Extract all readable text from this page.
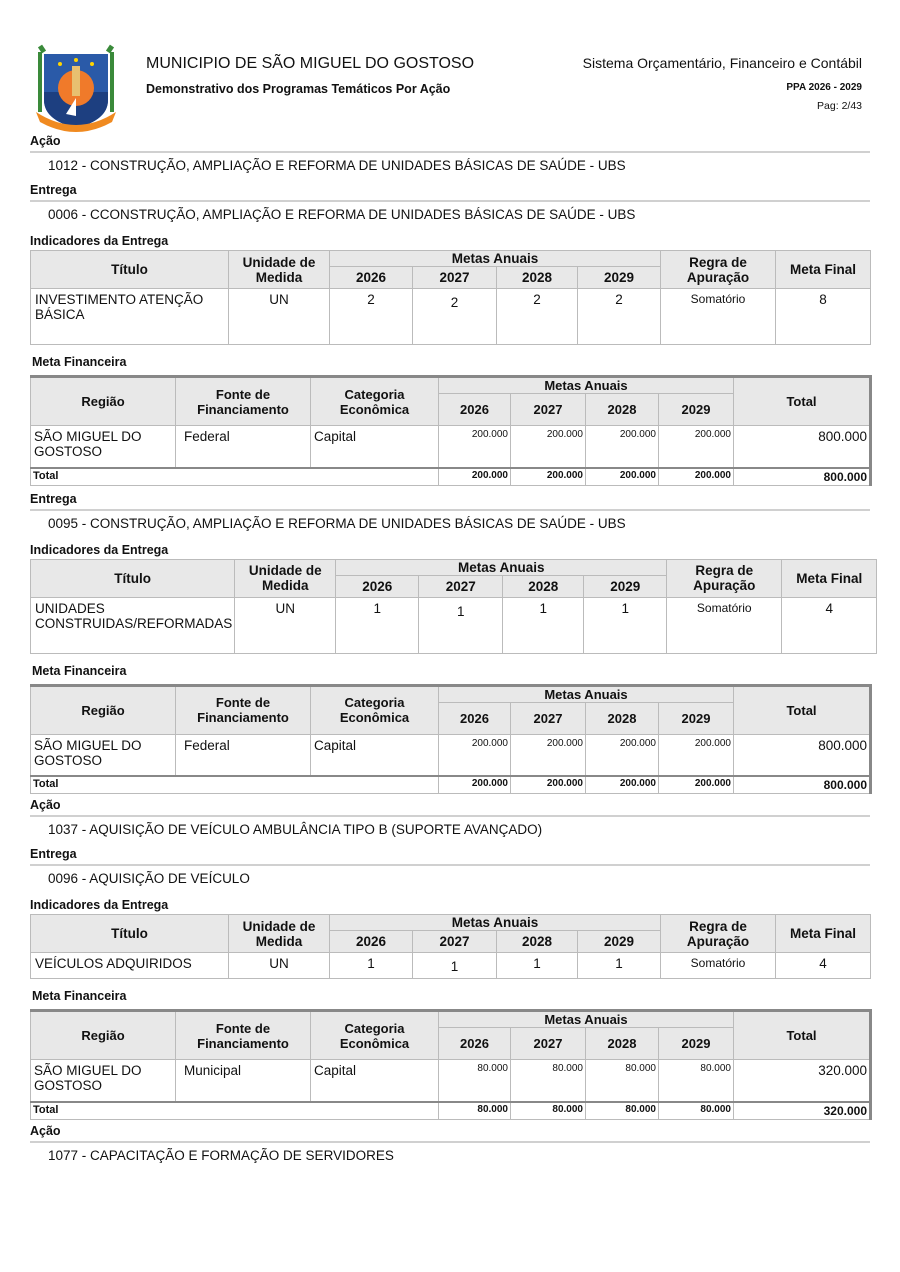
MUNICIPIO DE SÃO MIGUEL DO GOSTOSO
Demonstrativo dos Programas Temáticos Por Ação
Sistema Orçamentário, Financeiro e Contábil
PPA 2026 - 2029
Pag: 2/43
Ação
1012 - CONSTRUÇÃO, AMPLIAÇÃO E REFORMA DE UNIDADES BÁSICAS DE SAÚDE - UBS
Entrega
0006 - CCONSTRUÇÃO, AMPLIAÇÃO E REFORMA DE UNIDADES BÁSICAS DE SAÚDE - UBS
Indicadores da Entrega
Título	Unidade de Medida	Metas Anuais				Regra de Apuração	Meta Final
		2026	2027	2028	2029		
INVESTIMENTO ATENÇÃO BÁSICA	UN	2	2	2	2	Somatório	8
Meta Financeira
Região	Fonte de Financiamento	Categoria Econômica	Metas Anuais				Total
			2026	2027	2028	2029	
SÃO MIGUEL DO GOSTOSO	Federal	Capital	200.000	200.000	200.000	200.000	800.000
Total			200.000	200.000	200.000	200.000	800.000
Entrega
0095 - CONSTRUÇÃO, AMPLIAÇÃO E REFORMA DE UNIDADES BÁSICAS DE SAÚDE - UBS
Indicadores da Entrega
Título	Unidade de Medida	Metas Anuais				Regra de Apuração	Meta Final
		2026	2027	2028	2029		
UNIDADES CONSTRUIDAS/REFORMADAS	UN	1	1	1	1	Somatório	4
Meta Financeira
Região	Fonte de Financiamento	Categoria Econômica	Metas Anuais				Total
			2026	2027	2028	2029	
SÃO MIGUEL DO GOSTOSO	Federal	Capital	200.000	200.000	200.000	200.000	800.000
Total			200.000	200.000	200.000	200.000	800.000
Ação
1037 - AQUISIÇÃO DE VEÍCULO AMBULÂNCIA TIPO B (SUPORTE AVANÇADO)
Entrega
0096 - AQUISIÇÃO DE VEÍCULO
Indicadores da Entrega
Título	Unidade de Medida	Metas Anuais				Regra de Apuração	Meta Final
		2026	2027	2028	2029		
VEÍCULOS ADQUIRIDOS	UN	1	1	1	1	Somatório	4
Meta Financeira
Região	Fonte de Financiamento	Categoria Econômica	Metas Anuais				Total
			2026	2027	2028	2029	
SÃO MIGUEL DO GOSTOSO	Municipal	Capital	80.000	80.000	80.000	80.000	320.000
Total			80.000	80.000	80.000	80.000	320.000
Ação
1077 - CAPACITAÇÃO E FORMAÇÃO DE SERVIDORES
